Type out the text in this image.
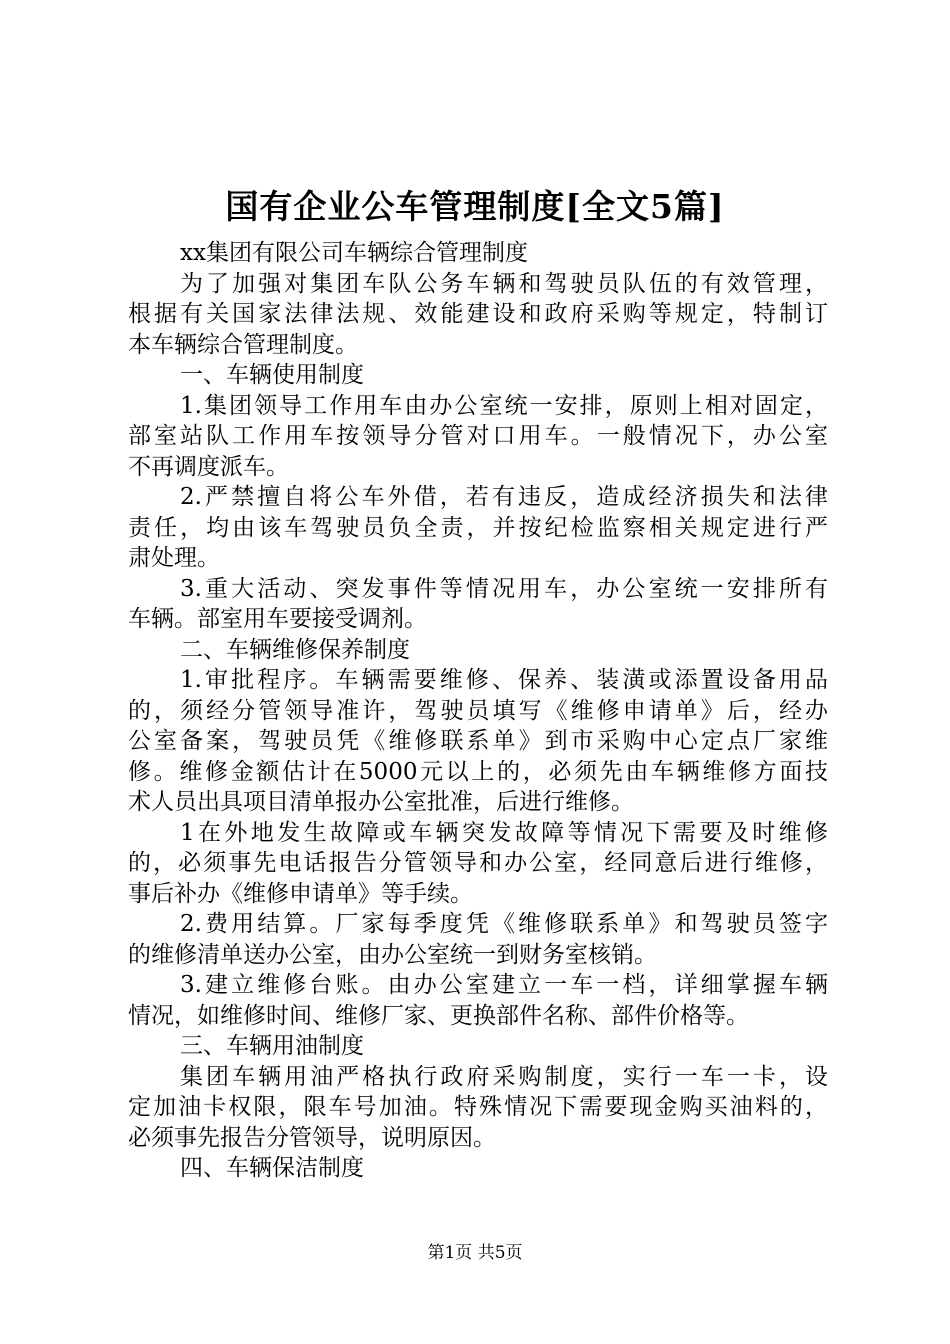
国有企业公车管理制度[全文5篇]
xx集团有限公司车辆综合管理制度
为了加强对集团车队公务车辆和驾驶员队伍的有效管理，
根据有关国家法律法规、效能建设和政府采购等规定，特制订
本车辆综合管理制度。
一、车辆使用制度
1.集团领导工作用车由办公室统一安排，原则上相对固定，
部室站队工作用车按领导分管对口用车。一般情况下，办公室
不再调度派车。
2.严禁擅自将公车外借，若有违反，造成经济损失和法律
责任，均由该车驾驶员负全责，并按纪检监察相关规定进行严
肃处理。
3.重大活动、突发事件等情况用车，办公室统一安排所有
车辆。部室用车要接受调剂。
二、车辆维修保养制度
1.审批程序。车辆需要维修、保养、装潢或添置设备用品
的，须经分管领导准许，驾驶员填写《维修申请单》后，经办
公室备案，驾驶员凭《维修联系单》到市采购中心定点厂家维
修。维修金额估计在5000元以上的，必须先由车辆维修方面技
术人员出具项目清单报办公室批准，后进行维修。
1在外地发生故障或车辆突发故障等情况下需要及时维修
的，必须事先电话报告分管领导和办公室，经同意后进行维修，
事后补办《维修申请单》等手续。
2.费用结算。厂家每季度凭《维修联系单》和驾驶员签字
的维修清单送办公室，由办公室统一到财务室核销。
3.建立维修台账。由办公室建立一车一档，详细掌握车辆
情况，如维修时间、维修厂家、更换部件名称、部件价格等。
三、车辆用油制度
集团车辆用油严格执行政府采购制度，实行一车一卡，设
定加油卡权限，限车号加油。特殊情况下需要现金购买油料的，
必须事先报告分管领导，说明原因。
四、车辆保洁制度
第1页 共5页
